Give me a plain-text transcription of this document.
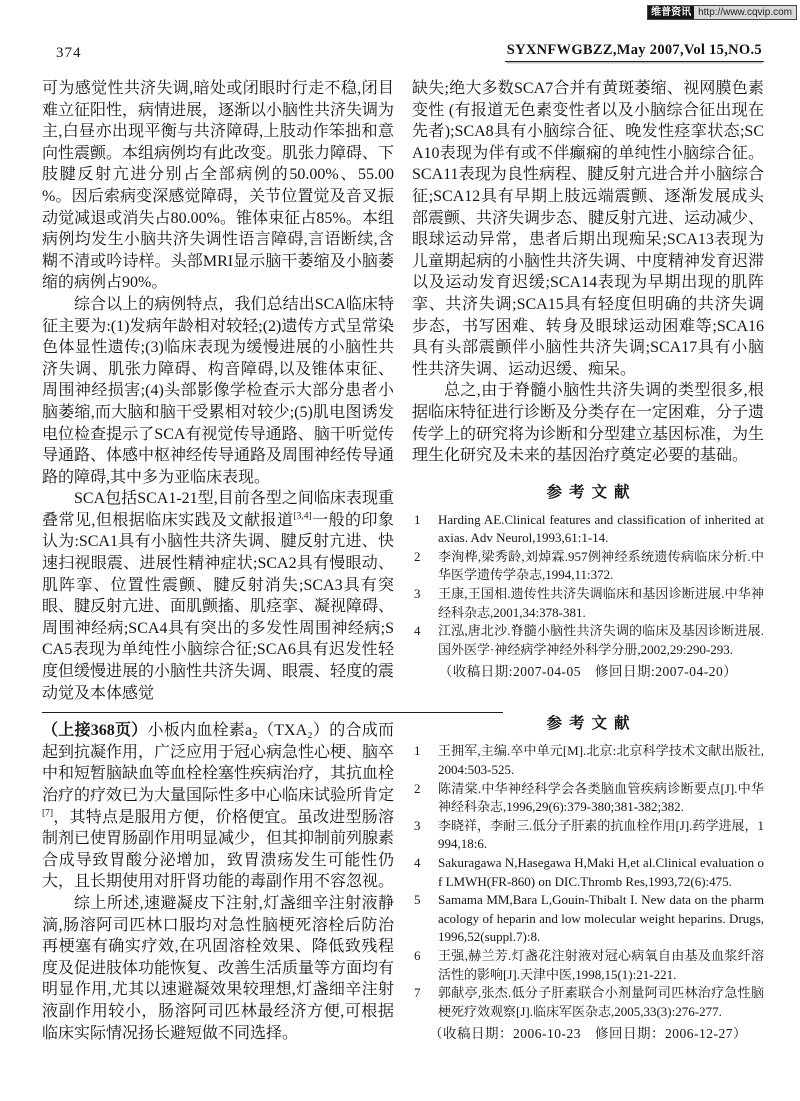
维普资讯 http://www.cqvip.com
374	SYXNFWGBZZ,May 2007,Vol 15,NO.5

可为感觉性共济失调,暗处或闭眼时行走不稳,闭目难立征阳性，病情进展，逐渐以小脑性共济失调为主,白昼亦出现平衡与共济障碍,上肢动作笨拙和意向性震颤。本组病例均有此改变。肌张力障碍、下肢腱反射亢进分别占全部病例的50.00%、55.00 %。因后索病变深感觉障碍，关节位置觉及音叉振动觉减退或消失占80.00%。锥体束征占85%。本组病例均发生小脑共济失调性语言障碍,言语断续,含糊不清或吟诗样。头部MRI显示脑干萎缩及小脑萎缩的病例占90%。

综合以上的病例特点，我们总结出SCA临床特征主要为:(1)发病年龄相对较轻;(2)遗传方式呈常染色体显性遗传;(3)临床表现为缓慢进展的小脑性共济失调、肌张力障碍、构音障碍,以及锥体束征、周围神经损害;(4)头部影像学检查示大部分患者小脑萎缩,而大脑和脑干受累相对较少;(5)肌电图诱发电位检查提示了SCA有视觉传导通路、脑干听觉传导通路、体感中枢神经传导通路及周围神经传导通路的障碍,其中多为亚临床表现。

SCA包括SCA1-21型,目前各型之间临床表现重叠常见,但根据临床实践及文献报道[3,4]一般的印象认为:SCA1具有小脑性共济失调、腱反射亢进、快速扫视眼震、进展性精神症状;SCA2具有慢眼动、肌阵挛、位置性震颤、腱反射消失;SCA3具有突眼、腱反射亢进、面肌颤搐、肌痉挛、凝视障碍、周围神经病;SCA4具有突出的多发性周围神经病;SCA5表现为单纯性小脑综合征;SCA6具有迟发性轻度但缓慢进展的小脑性共济失调、眼震、轻度的震动觉及本体感觉

（上接368页）小板内血栓素a₂（TXA₂）的合成而起到抗凝作用，广泛应用于冠心病急性心梗、脑卒中和短暂脑缺血等血栓栓塞性疾病治疗，其抗血栓治疗的疗效已为大量国际性多中心临床试验所肯定[7]，其特点是服用方便，价格便宜。虽改进型肠溶制剂已使胃肠副作用明显减少，但其抑制前列腺素合成导致胃酸分泌增加，致胃溃疡发生可能性仍大，且长期使用对肝肾功能的毒副作用不容忽视。

综上所述,速避凝皮下注射,灯盏细辛注射液静滴,肠溶阿司匹林口服均对急性脑梗死溶栓后防治再梗塞有确实疗效,在巩固溶栓效果、降低致残程度及促进肢体功能恢复、改善生活质量等方面均有明显作用,尤其以速避凝效果较理想,灯盏细辛注射液副作用较小，肠溶阿司匹林最经济方便,可根据临床实际情况扬长避短做不同选择。

缺失;绝大多数SCA7合并有黄斑萎缩、视网膜色素变性 (有报道无色素变性者以及小脑综合征出现在先者);SCA8具有小脑综合征、晚发性痉挛状态;SCA10表现为伴有或不伴癫痫的单纯性小脑综合征。SCA11表现为良性病程、腱反射亢进合并小脑综合征;SCA12具有早期上肢远端震颤、逐渐发展成头部震颤、共济失调步态、腱反射亢进、运动减少、眼球运动异常，患者后期出现痴呆;SCA13表现为儿童期起病的小脑性共济失调、中度精神发育迟滞以及运动发育迟缓;SCA14表现为早期出现的肌阵挛、共济失调;SCA15具有轻度但明确的共济失调步态，书写困难、转身及眼球运动困难等;SCA16具有头部震颤伴小脑性共济失调;SCA17具有小脑性共济失调、运动迟缓、痴呆。

总之,由于脊髓小脑性共济失调的类型很多,根据临床特征进行诊断及分类存在一定困难，分子遗传学上的研究将为诊断和分型建立基因标准，为生理生化研究及未来的基因治疗奠定必要的基础。

参考文献
1	Harding AE.Clinical features and classification of inherited ataxias. Adv Neurol,1993,61:1-14.
2	李洵桦,梁秀龄,刘焯霖.957例神经系统遗传病临床分析.中华医学遗传学杂志,1994,11:372.
3	王康,王国相.遗传性共济失调临床和基因诊断进展.中华神经科杂志,2001,34:378-381.
4	江泓,唐北沙.脊髓小脑性共济失调的临床及基因诊断进展.国外医学·神经病学神经外科学分册,2002,29:290-293.
（收稿日期:2007-04-05　修回日期:2007-04-20）
参考文献
1	王拥军,主编.卒中单元[M].北京:北京科学技术文献出版社,2004:503-525.
2	陈清棠.中华神经科学会各类脑血管疾病诊断要点[J].中华神经科杂志,1996,29(6):379-380;381-382;382.
3	李晓祥，李耐三.低分子肝素的抗血栓作用[J].药学进展，1994,18:6.
4	Sakuragawa N,Hasegawa H,Maki H,et al.Clinical evaluation of LMWH(FR-860) on DIC.Thromb Res,1993,72(6):475.
5	Samama MM,Bara L,Gouin-Thibalt I. New data on the pharmacology of heparin and low molecular weight heparins. Drugs,1996,52(suppl.7):8.
6	王强,赫兰芳.灯盏花注射液对冠心病氧自由基及血浆纤溶活性的影响[J].天津中医,1998,15(1):21-221.
7	郭献亭,张杰.低分子肝素联合小剂量阿司匹林治疗急性脑梗死疗效观察[J].临床军医杂志,2005,33(3):276-277.
（收稿日期：2006-10-23　修回日期：2006-12-27）
